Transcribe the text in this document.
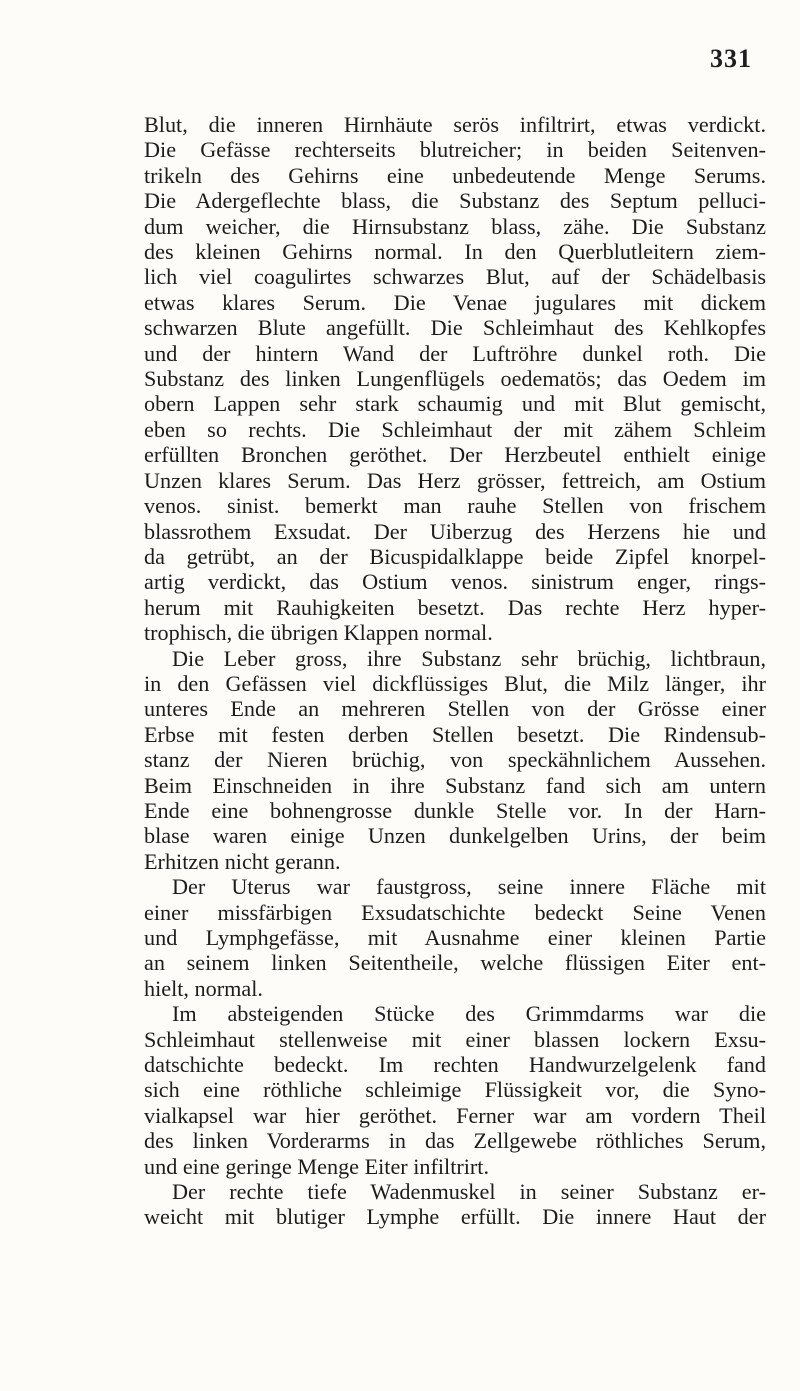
331
Blut, die inneren Hirnhäute serös infiltrirt, etwas verdickt.
Die Gefässe rechterseits blutreicher; in beiden Seitenven-
trikeln des Gehirns eine unbedeutende Menge Serums.
Die Adergeflechte blass, die Substanz des Septum pelluci-
dum weicher, die Hirnsubstanz blass, zähe. Die Substanz
des kleinen Gehirns normal. In den Querblutleitern ziem-
lich viel coagulirtes schwarzes Blut, auf der Schädelbasis
etwas klares Serum. Die Venae jugulares mit dickem
schwarzen Blute angefüllt. Die Schleimhaut des Kehlkopfes
und der hintern Wand der Luftröhre dunkel roth. Die
Substanz des linken Lungenflügels oedematös; das Oedem im
obern Lappen sehr stark schaumig und mit Blut gemischt,
eben so rechts. Die Schleimhaut der mit zähem Schleim
erfüllten Bronchen geröthet. Der Herzbeutel enthielt einige
Unzen klares Serum. Das Herz grösser, fettreich, am Ostium
venos. sinist. bemerkt man rauhe Stellen von frischem
blassrothem Exsudat. Der Uiberzug des Herzens hie und
da getrübt, an der Bicuspidalklappe beide Zipfel knorpel-
artig verdickt, das Ostium venos. sinistrum enger, rings-
herum mit Rauhigkeiten besetzt. Das rechte Herz hyper-
trophisch, die übrigen Klappen normal.
Die Leber gross, ihre Substanz sehr brüchig, lichtbraun,
in den Gefässen viel dickflüssiges Blut, die Milz länger, ihr
unteres Ende an mehreren Stellen von der Grösse einer
Erbse mit festen derben Stellen besetzt. Die Rindensub-
stanz der Nieren brüchig, von speckähnlichem Aussehen.
Beim Einschneiden in ihre Substanz fand sich am untern
Ende eine bohnengrosse dunkle Stelle vor. In der Harn-
blase waren einige Unzen dunkelgelben Urins, der beim
Erhitzen nicht gerann.
Der Uterus war faustgross, seine innere Fläche mit
einer missfärbigen Exsudatschichte bedeckt Seine Venen
und Lymphgefässe, mit Ausnahme einer kleinen Partie
an seinem linken Seitentheile, welche flüssigen Eiter ent-
hielt, normal.
Im absteigenden Stücke des Grimmdarms war die
Schleimhaut stellenweise mit einer blassen lockern Exsu-
datschichte bedeckt. Im rechten Handwurzelgelenk fand
sich eine röthliche schleimige Flüssigkeit vor, die Syno-
vialkapsel war hier geröthet. Ferner war am vordern Theil
des linken Vorderarms in das Zellgewebe röthliches Serum,
und eine geringe Menge Eiter infiltrirt.
Der rechte tiefe Wadenmuskel in seiner Substanz er-
weicht mit blutiger Lymphe erfüllt. Die innere Haut der
